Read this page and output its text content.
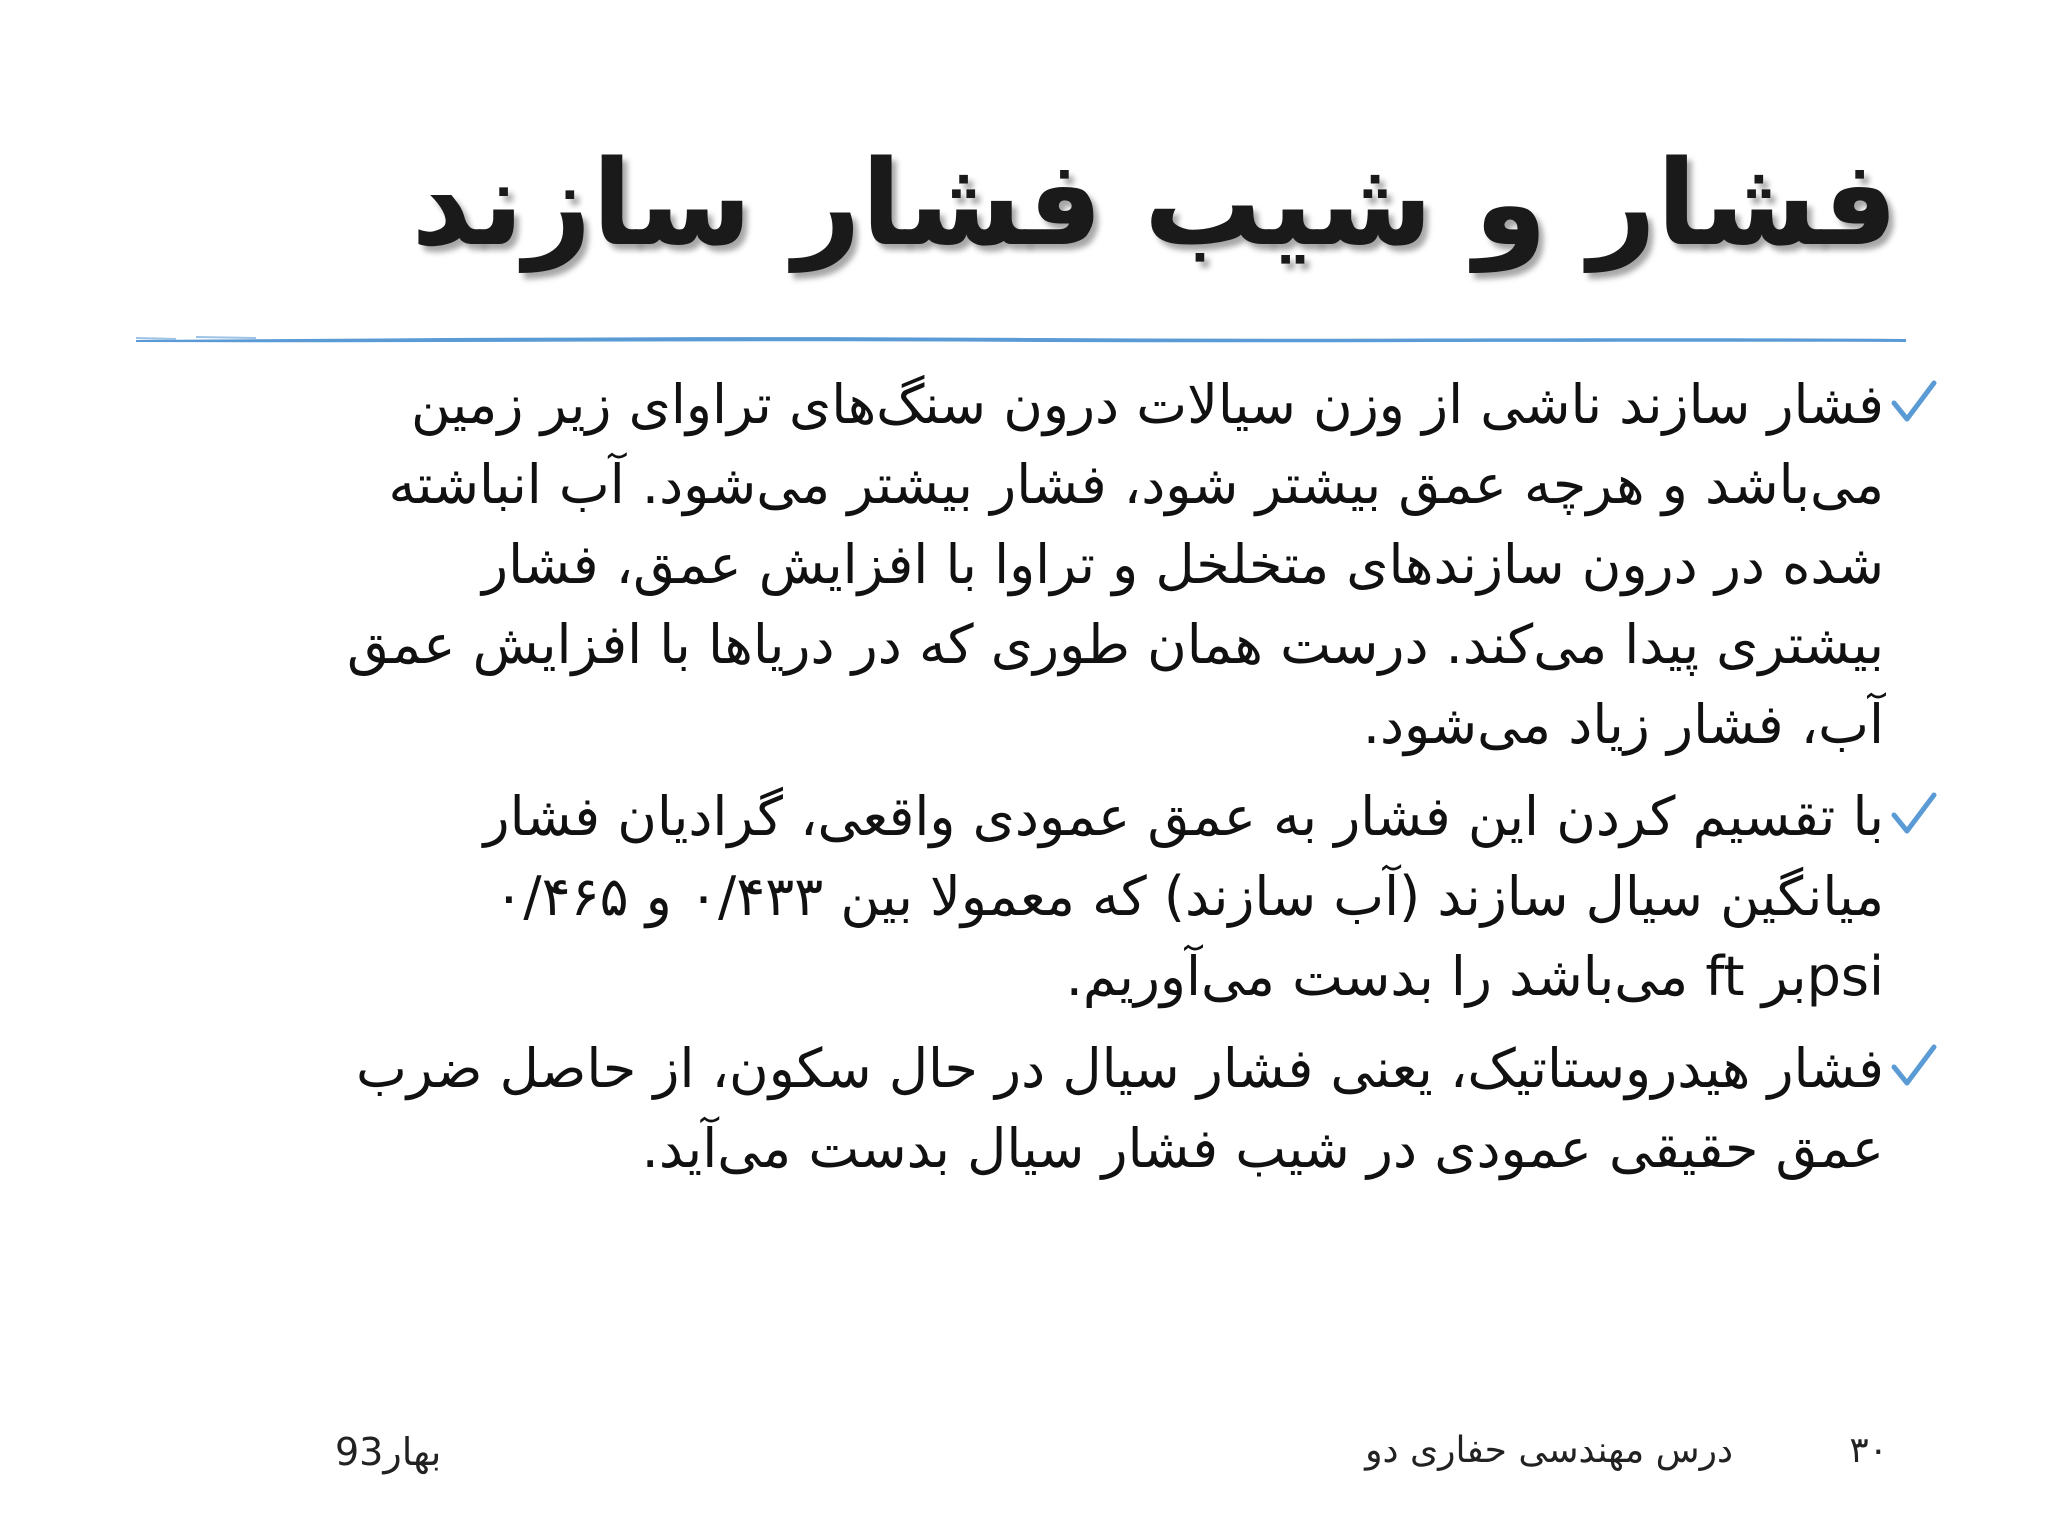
فشار و شیب فشار سازند
فشار سازند ناشی از وزن سیالات درون سنگ‌های تراوای زیر زمین
می‌باشد و هرچه عمق بیشتر شود، فشار بیشتر می‌شود. آب انباشته
شده در درون سازندهای متخلخل و تراوا با افزایش عمق، فشار
بیشتری پیدا می‌کند. درست همان طوری که در دریاها با افزایش عمق
آب، فشار زیاد می‌شود.
با تقسیم کردن این فشار به عمق عمودی واقعی، گرادیان فشار
میانگین سیال سازند (آب سازند) که معمولا بین ۰/۴۳۳ و ۰/۴۶۵
psiبر ft می‌باشد را بدست می‌آوریم.
فشار هیدروستاتیک، یعنی فشار سیال در حال سکون، از حاصل ضرب
عمق حقیقی عمودی در شیب فشار سیال بدست می‌آید.
۳۰
درس مهندسی حفاری دو
بهار93
